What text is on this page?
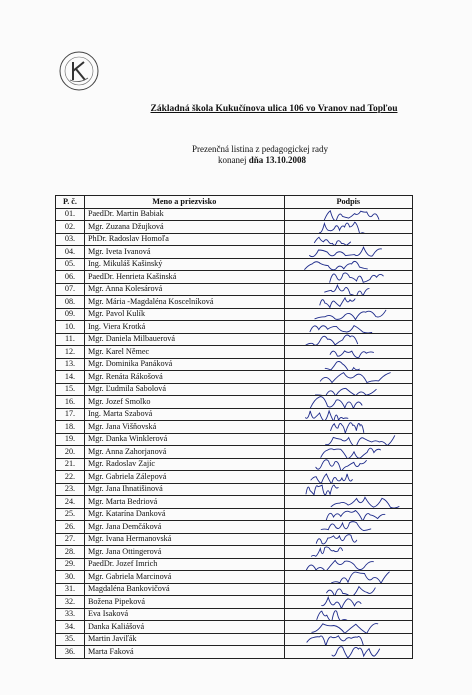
Základná škola Kukučínova ulica 106 vo Vranov nad Topľou
Prezenčná listina z pedagogickej rady
konanej dňa 13.10.2008
P. č.	Meno a priezvisko	Podpis
01.	PaedDr. Martin Babiak	

02.	Mgr. Zuzana Džujková	

03.	PhDr. Radoslav Homoľa	

04.	Mgr. Iveta Ivanová	

05.	Ing. Mikuláš Kašinský	

06.	PaedDr. Henrieta Kašinská	

07.	Mgr. Anna Kolesárová	

08.	Mgr. Mária -Magdaléna Koscelníková	

09.	Mgr. Pavol Kulík	

10.	Ing. Viera Krotká	

11.	Mgr. Daniela Milbauerová	

12.	Mgr. Karel Němec	

13.	Mgr. Dominika Panáková	

14.	Mgr. Renáta Rákošová	

15.	Mgr. Ľudmila Sabolová	

16.	Mgr. Jozef Smolko	

17.	Ing. Marta Szabová	

18.	Mgr. Jana Višňovská	

19.	Mgr. Danka Winklerová	

20.	Mgr. Anna Zahorjanová	

21.	Mgr. Radoslav Zajíc	

22.	Mgr. Gabriela Zálepová	

23.	Mgr. Jana Ihnatišinová	

24.	Mgr. Marta Bedriová	

25.	Mgr. Katarína Danková	

26.	Mgr. Jana Demčáková	

27.	Mgr. Ivana Hermanovská	

28.	Mgr. Jana Ottingerová	

29.	PaedDr. Jozef Imrich	

30.	Mgr. Gabriela Marcinová	

31.	Magdaléna Bankovičová	

32.	Božena Pipeková	

33.	Eva Isaková	

34.	Danka Kaliášová	

35.	Martin Javiľák	

36.	Marta Faková	
